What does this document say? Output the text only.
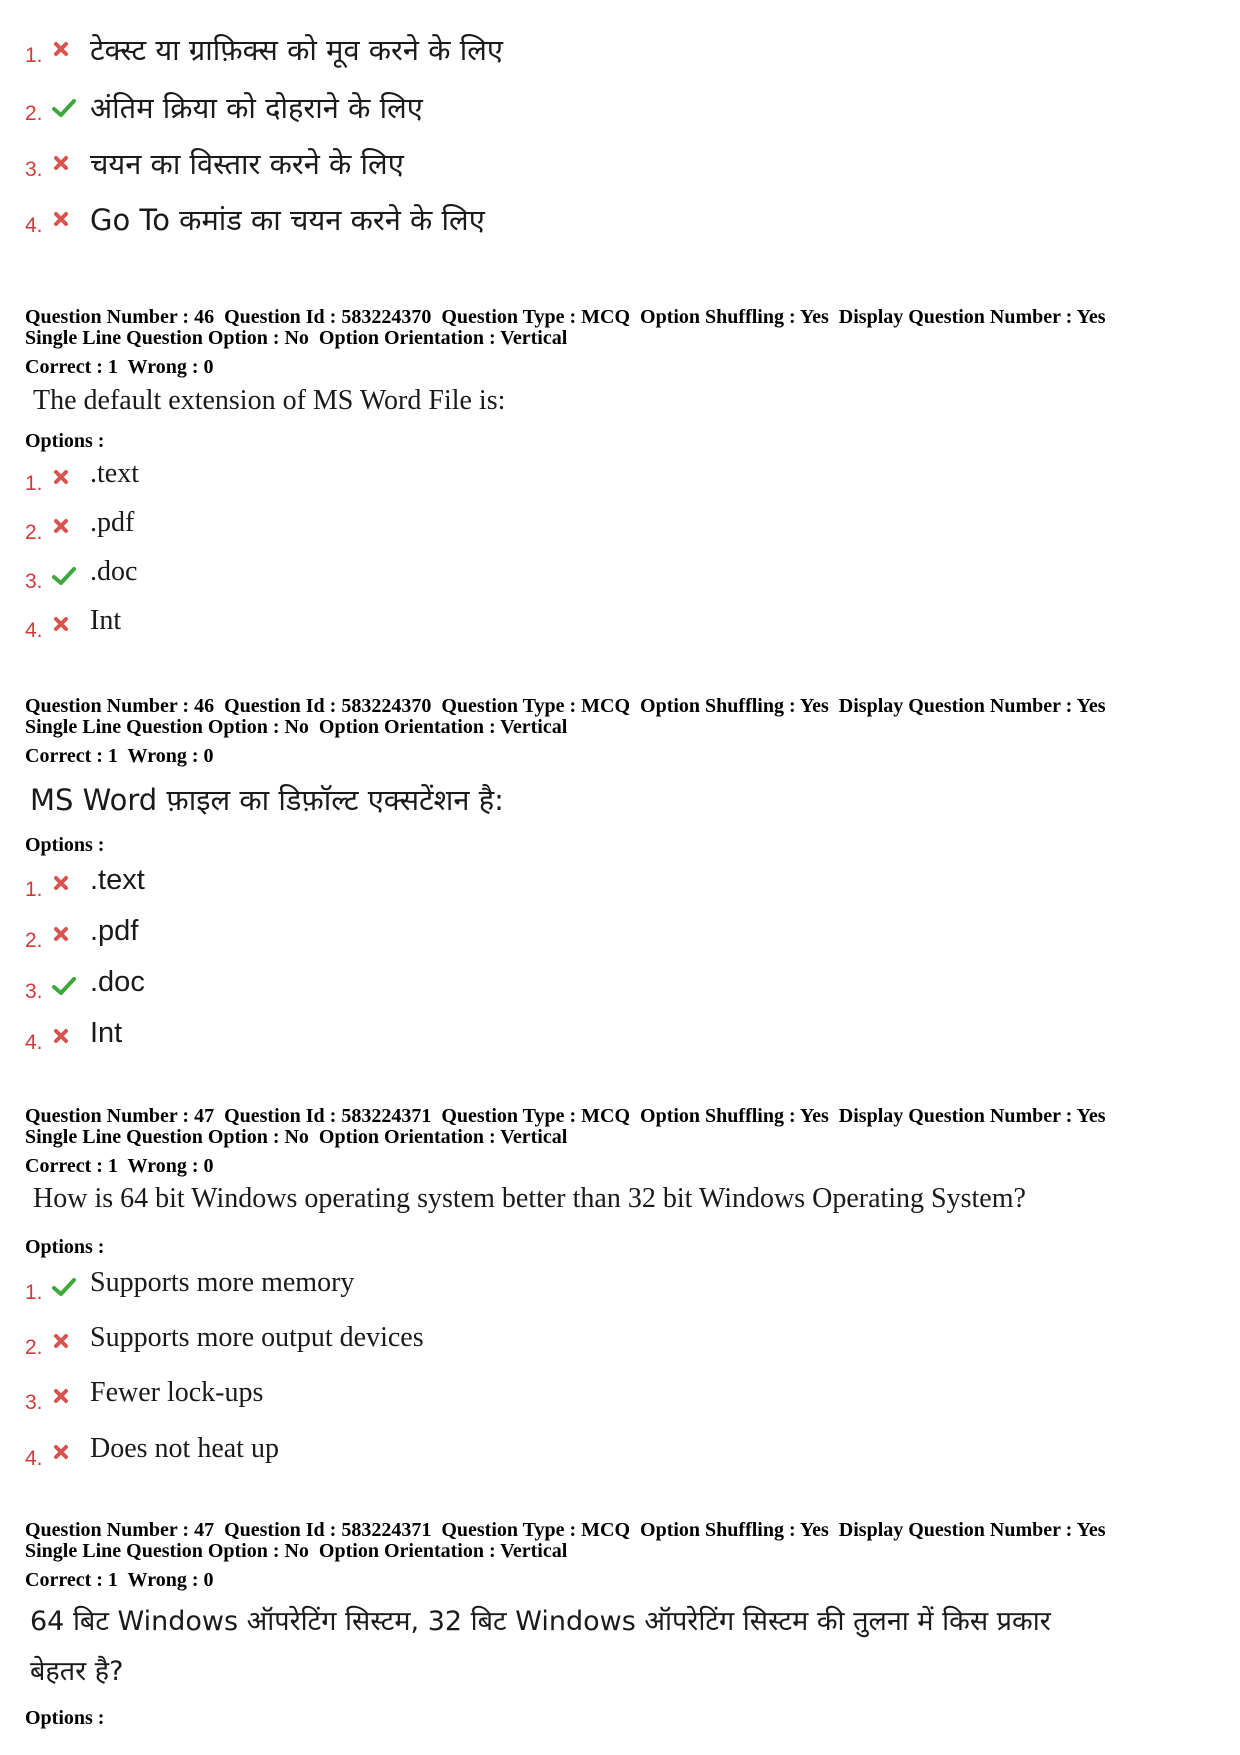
1. टेक्स्ट या ग्राफ़िक्स को मूव करने के लिए
2. अंतिम क्रिया को दोहराने के लिए
3. चयन का विस्तार करने के लिए
4. Go To कमांड का चयन करने के लिए
Question Number : 46  Question Id : 583224370  Question Type : MCQ  Option Shuffling : Yes  Display Question Number : Yes
Single Line Question Option : No  Option Orientation : Vertical
Correct : 1  Wrong : 0
The default extension of MS Word File is:
Options :
1. .text
2. .pdf
3. .doc
4. Int
Question Number : 46  Question Id : 583224370  Question Type : MCQ  Option Shuffling : Yes  Display Question Number : Yes
Single Line Question Option : No  Option Orientation : Vertical
Correct : 1  Wrong : 0
MS Word फ़ाइल का डिफ़ॉल्ट एक्सटेंशन है:
Options :
1. .text
2. .pdf
3. .doc
4. Int
Question Number : 47  Question Id : 583224371  Question Type : MCQ  Option Shuffling : Yes  Display Question Number : Yes
Single Line Question Option : No  Option Orientation : Vertical
Correct : 1  Wrong : 0
How is 64 bit Windows operating system better than 32 bit Windows Operating System?
Options :
1. Supports more memory
2. Supports more output devices
3. Fewer lock-ups
4. Does not heat up
Question Number : 47  Question Id : 583224371  Question Type : MCQ  Option Shuffling : Yes  Display Question Number : Yes
Single Line Question Option : No  Option Orientation : Vertical
Correct : 1  Wrong : 0
64 बिट Windows ऑपरेटिंग सिस्टम, 32 बिट Windows ऑपरेटिंग सिस्टम की तुलना में किस प्रकार
बेहतर है?
Options :
